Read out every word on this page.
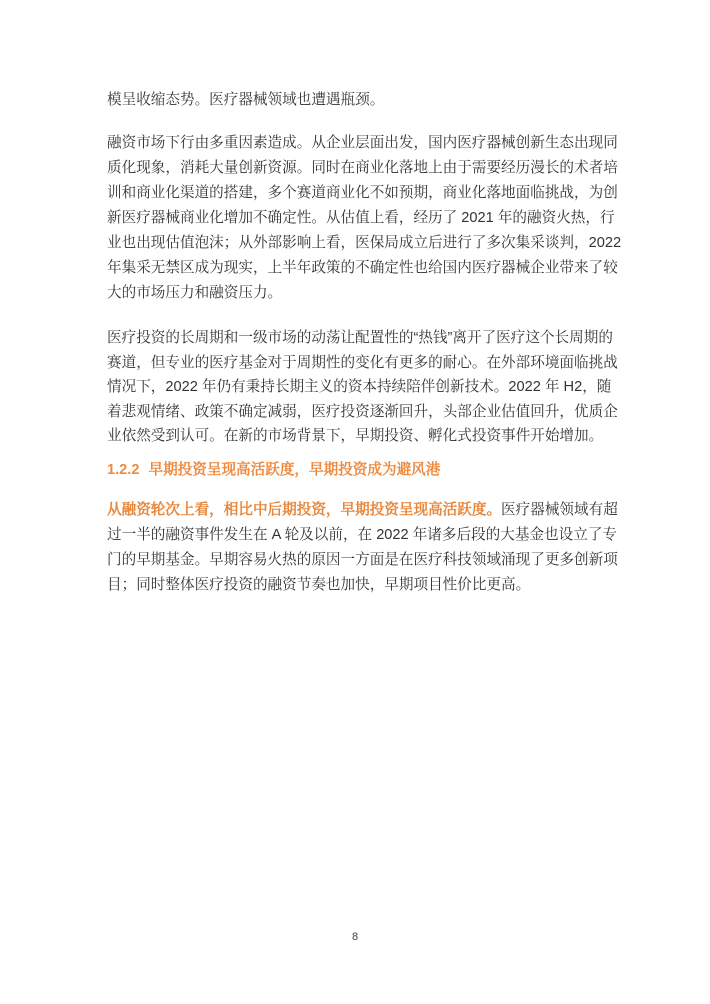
模呈收缩态势。医疗器械领域也遭遇瓶颈。
融资市场下行由多重因素造成。从企业层面出发，国内医疗器械创新生态出现同
质化现象，消耗大量创新资源。同时在商业化落地上由于需要经历漫长的术者培
训和商业化渠道的搭建，多个赛道商业化不如预期，商业化落地面临挑战，为创
新医疗器械商业化增加不确定性。从估值上看，经历了 2021 年的融资火热，行
业也出现估值泡沫；从外部影响上看，医保局成立后进行了多次集采谈判，2022
年集采无禁区成为现实，上半年政策的不确定性也给国内医疗器械企业带来了较
大的市场压力和融资压力。
医疗投资的长周期和一级市场的动荡让配置性的“热钱”离开了医疗这个长周期的
赛道，但专业的医疗基金对于周期性的变化有更多的耐心。在外部环境面临挑战
情况下，2022 年仍有秉持长期主义的资本持续陪伴创新技术。2022 年 H2，随
着悲观情绪、政策不确定减弱，医疗投资逐渐回升，头部企业估值回升，优质企
业依然受到认可。在新的市场背景下，早期投资、孵化式投资事件开始增加。
1.2.2 早期投资呈现高活跃度，早期投资成为避风港
从融资轮次上看，相比中后期投资，早期投资呈现高活跃度。医疗器械领域有超
过一半的融资事件发生在 A 轮及以前，在 2022 年诸多后段的大基金也设立了专
门的早期基金。早期容易火热的原因一方面是在医疗科技领域涌现了更多创新项
目；同时整体医疗投资的融资节奏也加快，早期项目性价比更高。
8
